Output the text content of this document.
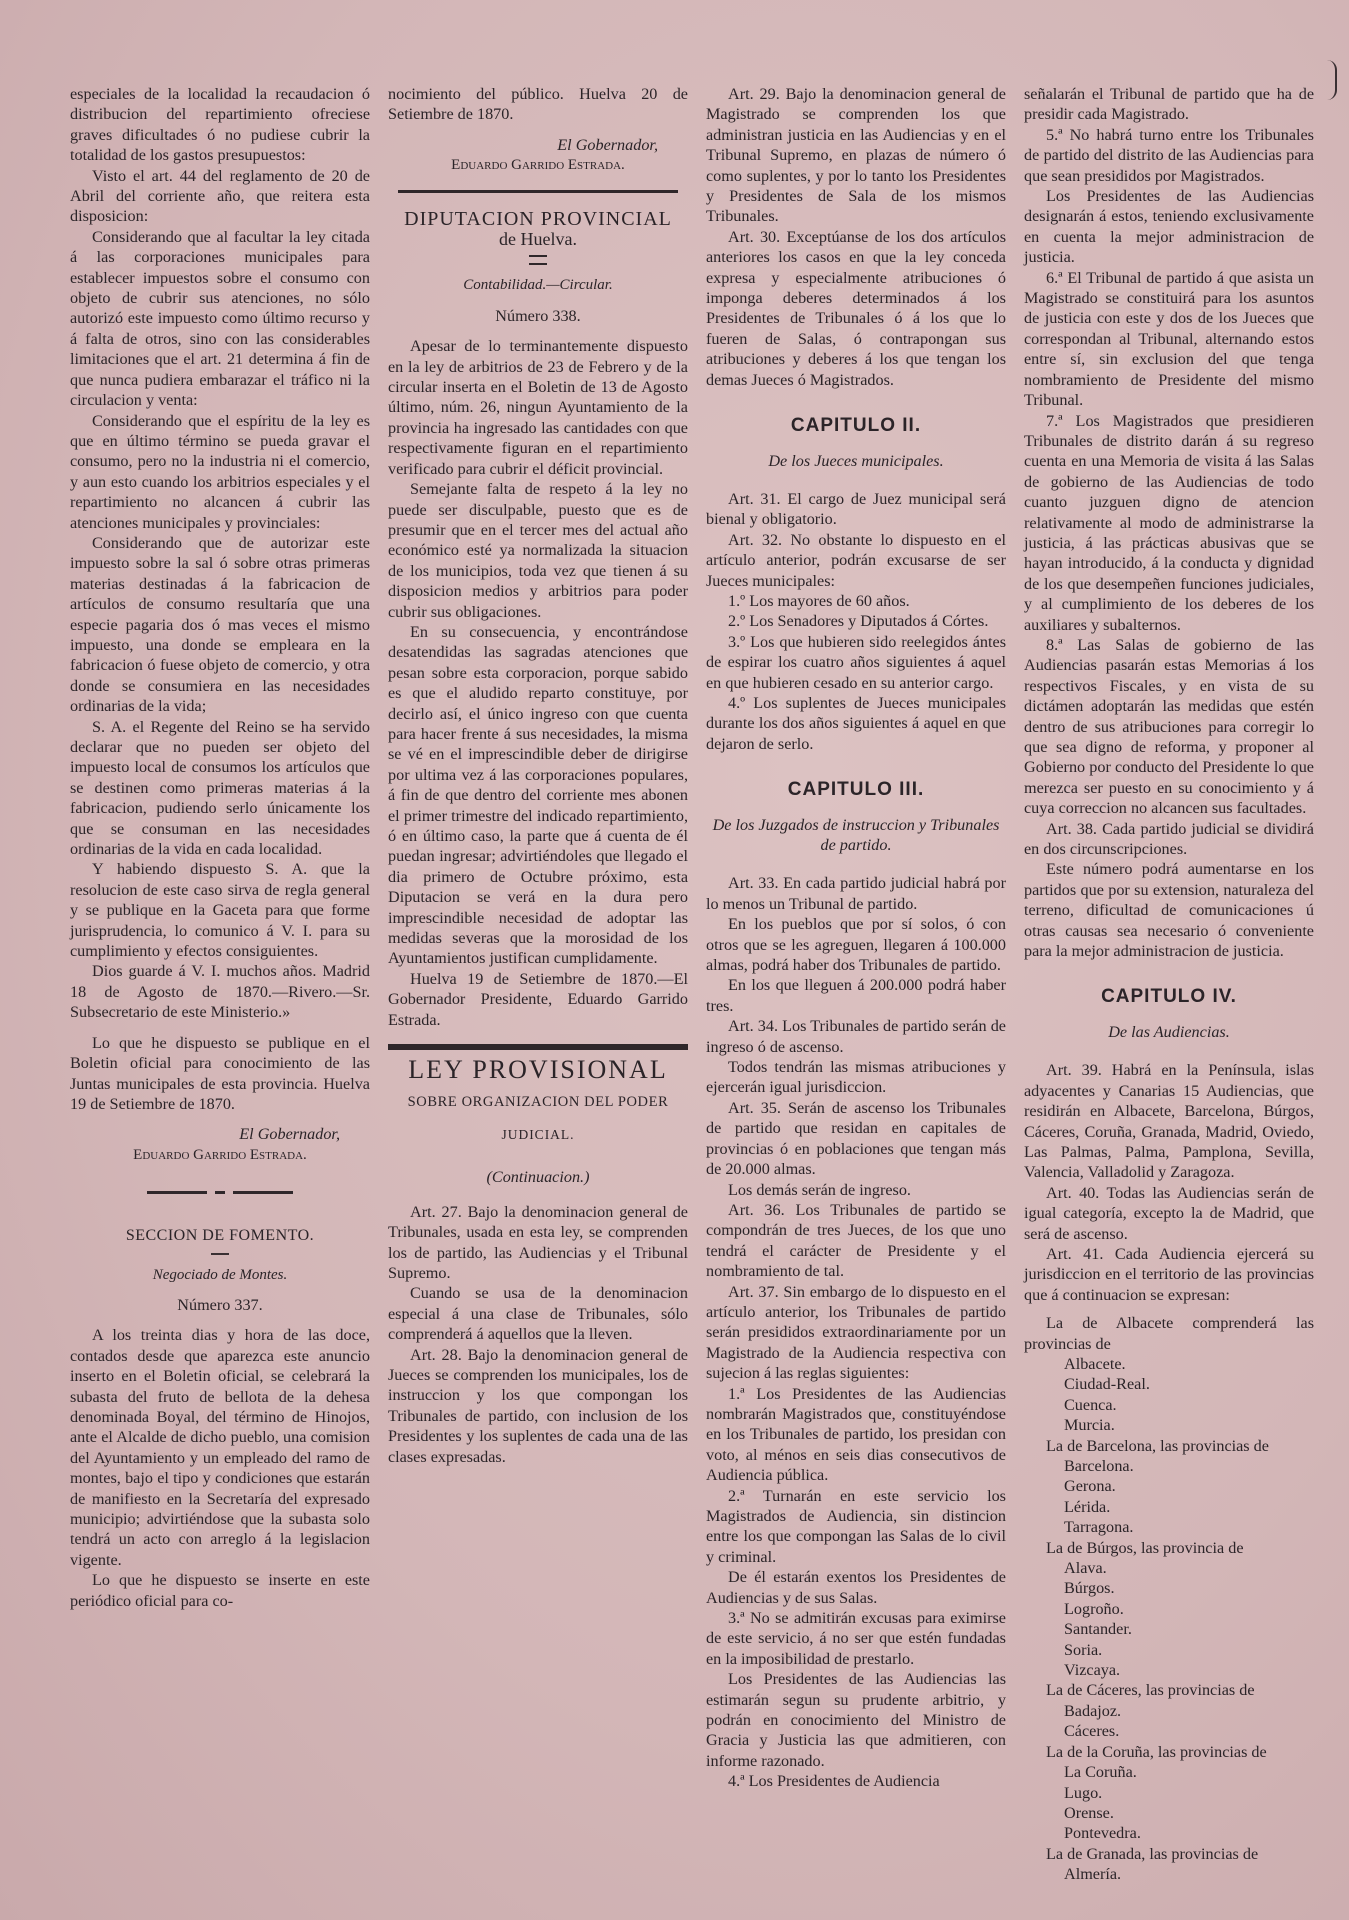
especiales de la localidad la recaudacion ó distribucion del repartimiento ofreciese graves dificultades ó no pudiese cubrir la totalidad de los gastos presupuestos:

Visto el art. 44 del reglamento de 20 de Abril del corriente año, que reitera esta disposicion:

Considerando que al facultar la ley citada á las corporaciones municipales para establecer impuestos sobre el consumo con objeto de cubrir sus atenciones, no sólo autorizó este impuesto como último recurso y á falta de otros, sino con las considerables limitaciones que el art. 21 determina á fin de que nunca pudiera embarazar el tráfico ni la circulacion y venta:

Considerando que el espíritu de la ley es que en último término se pueda gravar el consumo, pero no la industria ni el comercio, y aun esto cuando los arbitrios especiales y el repartimiento no alcancen á cubrir las atenciones municipales y provinciales:

Considerando que de autorizar este impuesto sobre la sal ó sobre otras primeras materias destinadas á la fabricacion de artículos de consumo resultaría que una especie pagaria dos ó mas veces el mismo impuesto, una donde se empleara en la fabricacion ó fuese objeto de comercio, y otra donde se consumiera en las necesidades ordinarias de la vida;

S. A. el Regente del Reino se ha servido declarar que no pueden ser objeto del impuesto local de consumos los artículos que se destinen como primeras materias á la fabricacion, pudiendo serlo únicamente los que se consuman en las necesidades ordinarias de la vida en cada localidad.

Y habiendo dispuesto S. A. que la resolucion de este caso sirva de regla general y se publique en la Gaceta para que forme jurisprudencia, lo comunico á V. I. para su cumplimiento y efectos consiguientes.

Dios guarde á V. I. muchos años. Madrid 18 de Agosto de 1870.—Rivero.—Sr. Subsecretario de este Ministerio.»

Lo que he dispuesto se publique en el Boletin oficial para conocimiento de las Juntas municipales de esta provincia. Huelva 19 de Setiembre de 1870.

El Gobernador,

Eduardo Garrido Estrada.

SECCION DE FOMENTO.

Negociado de Montes.

Número 337.

A los treinta dias y hora de las doce, contados desde que aparezca este anuncio inserto en el Boletin oficial, se celebrará la subasta del fruto de bellota de la dehesa denominada Boyal, del término de Hinojos, ante el Alcalde de dicho pueblo, una comision del Ayuntamiento y un empleado del ramo de montes, bajo el tipo y condiciones que estarán de manifiesto en la Secretaría del expresado municipio; advirtiéndose que la subasta solo tendrá un acto con arreglo á la legislacion vigente.

Lo que he dispuesto se inserte en este periódico oficial para co-

nocimiento del público. Huelva 20 de Setiembre de 1870.

El Gobernador,

Eduardo Garrido Estrada.

DIPUTACION PROVINCIAL

de Huelva.

Contabilidad.—Circular.

Número 338.

Apesar de lo terminantemente dispuesto en la ley de arbitrios de 23 de Febrero y de la circular inserta en el Boletin de 13 de Agosto último, núm. 26, ningun Ayuntamiento de la provincia ha ingresado las cantidades con que respectivamente figuran en el repartimiento verificado para cubrir el déficit provincial.

Semejante falta de respeto á la ley no puede ser disculpable, puesto que es de presumir que en el tercer mes del actual año económico esté ya normalizada la situacion de los municipios, toda vez que tienen á su disposicion medios y arbitrios para poder cubrir sus obligaciones.

En su consecuencia, y encontrándose desatendidas las sagradas atenciones que pesan sobre esta corporacion, porque sabido es que el aludido reparto constituye, por decirlo así, el único ingreso con que cuenta para hacer frente á sus necesidades, la misma se vé en el imprescindible deber de dirigirse por ultima vez á las corporaciones populares, á fin de que dentro del corriente mes abonen el primer trimestre del indicado repartimiento, ó en último caso, la parte que á cuenta de él puedan ingresar; advirtiéndoles que llegado el dia primero de Octubre próximo, esta Diputacion se verá en la dura pero imprescindible necesidad de adoptar las medidas severas que la morosidad de los Ayuntamientos justifican cumplidamente.

Huelva 19 de Setiembre de 1870.—El Gobernador Presidente, Eduardo Garrido Estrada.

LEY PROVISIONAL

SOBRE ORGANIZACION DEL PODER

JUDICIAL.

(Continuacion.)

Art. 27. Bajo la denominacion general de Tribunales, usada en esta ley, se comprenden los de partido, las Audiencias y el Tribunal Supremo.

Cuando se usa de la denominacion especial á una clase de Tribunales, sólo comprenderá á aquellos que la lleven.

Art. 28. Bajo la denominacion general de Jueces se comprenden los municipales, los de instruccion y los que compongan los Tribunales de partido, con inclusion de los Presidentes y los suplentes de cada una de las clases expresadas.

Art. 29. Bajo la denominacion general de Magistrado se comprenden los que administran justicia en las Audiencias y en el Tribunal Supremo, en plazas de número ó como suplentes, y por lo tanto los Presidentes y Presidentes de Sala de los mismos Tribunales.

Art. 30. Exceptúanse de los dos artículos anteriores los casos en que la ley conceda expresa y especialmente atribuciones ó imponga deberes determinados á los Presidentes de Tribunales ó á los que lo fueren de Salas, ó contrapongan sus atribuciones y deberes á los que tengan los demas Jueces ó Magistrados.

CAPITULO II.

De los Jueces municipales.

Art. 31. El cargo de Juez municipal será bienal y obligatorio.

Art. 32. No obstante lo dispuesto en el artículo anterior, podrán excusarse de ser Jueces municipales:

1.º Los mayores de 60 años.

2.º Los Senadores y Diputados á Córtes.

3.º Los que hubieren sido reelegidos ántes de espirar los cuatro años siguientes á aquel en que hubieren cesado en su anterior cargo.

4.º Los suplentes de Jueces municipales durante los dos años siguientes á aquel en que dejaron de serlo.

CAPITULO III.

De los Juzgados de instruccion y Tribunales de partido.

Art. 33. En cada partido judicial habrá por lo menos un Tribunal de partido.

En los pueblos que por sí solos, ó con otros que se les agreguen, llegaren á 100.000 almas, podrá haber dos Tribunales de partido.

En los que lleguen á 200.000 podrá haber tres.

Art. 34. Los Tribunales de partido serán de ingreso ó de ascenso.

Todos tendrán las mismas atribuciones y ejercerán igual jurisdiccion.

Art. 35. Serán de ascenso los Tribunales de partido que residan en capitales de provincias ó en poblaciones que tengan más de 20.000 almas.

Los demás serán de ingreso.

Art. 36. Los Tribunales de partido se compondrán de tres Jueces, de los que uno tendrá el carácter de Presidente y el nombramiento de tal.

Art. 37. Sin embargo de lo dispuesto en el artículo anterior, los Tribunales de partido serán presididos extraordinariamente por un Magistrado de la Audiencia respectiva con sujecion á las reglas siguientes:

1.ª Los Presidentes de las Audiencias nombrarán Magistrados que, constituyéndose en los Tribunales de partido, los presidan con voto, al ménos en seis dias consecutivos de Audiencia pública.

2.ª Turnarán en este servicio los Magistrados de Audiencia, sin distincion entre los que compongan las Salas de lo civil y criminal.

De él estarán exentos los Presidentes de Audiencias y de sus Salas.

3.ª No se admitirán excusas para eximirse de este servicio, á no ser que estén fundadas en la imposibilidad de prestarlo.

Los Presidentes de las Audiencias las estimarán segun su prudente arbitrio, y podrán en conocimiento del Ministro de Gracia y Justicia las que admitieren, con informe razonado.

4.ª Los Presidentes de Audiencia

señalarán el Tribunal de partido que ha de presidir cada Magistrado.

5.ª No habrá turno entre los Tribunales de partido del distrito de las Audiencias para que sean presididos por Magistrados.

Los Presidentes de las Audiencias designarán á estos, teniendo exclusivamente en cuenta la mejor administracion de justicia.

6.ª El Tribunal de partido á que asista un Magistrado se constituirá para los asuntos de justicia con este y dos de los Jueces que correspondan al Tribunal, alternando estos entre sí, sin exclusion del que tenga nombramiento de Presidente del mismo Tribunal.

7.ª Los Magistrados que presidieren Tribunales de distrito darán á su regreso cuenta en una Memoria de visita á las Salas de gobierno de las Audiencias de todo cuanto juzguen digno de atencion relativamente al modo de administrarse la justicia, á las prácticas abusivas que se hayan introducido, á la conducta y dignidad de los que desempeñen funciones judiciales, y al cumplimiento de los deberes de los auxiliares y subalternos.

8.ª Las Salas de gobierno de las Audiencias pasarán estas Memorias á los respectivos Fiscales, y en vista de su dictámen adoptarán las medidas que estén dentro de sus atribuciones para corregir lo que sea digno de reforma, y proponer al Gobierno por conducto del Presidente lo que merezca ser puesto en su conocimiento y á cuya correccion no alcancen sus facultades.

Art. 38. Cada partido judicial se dividirá en dos circunscripciones.

Este número podrá aumentarse en los partidos que por su extension, naturaleza del terreno, dificultad de comunicaciones ú otras causas sea necesario ó conveniente para la mejor administracion de justicia.

CAPITULO IV.

De las Audiencias.

Art. 39. Habrá en la Península, islas adyacentes y Canarias 15 Audiencias, que residirán en Albacete, Barcelona, Búrgos, Cáceres, Coruña, Granada, Madrid, Oviedo, Las Palmas, Palma, Pamplona, Sevilla, Valencia, Valladolid y Zaragoza.

Art. 40. Todas las Audiencias serán de igual categoría, excepto la de Madrid, que será de ascenso.

Art. 41. Cada Audiencia ejercerá su jurisdiccion en el territorio de las provincias que á continuacion se expresan:

La de Albacete comprenderá las provincias de

Albacete.

Ciudad-Real.

Cuenca.

Murcia.

La de Barcelona, las provincias de

Barcelona.

Gerona.

Lérida.

Tarragona.

La de Búrgos, las provincia de

Alava.

Búrgos.

Logroño.

Santander.

Soria.

Vizcaya.

La de Cáceres, las provincias de

Badajoz.

Cáceres.

La de la Coruña, las provincias de

La Coruña.

Lugo.

Orense.

Pontevedra.

La de Granada, las provincias de

Almería.
